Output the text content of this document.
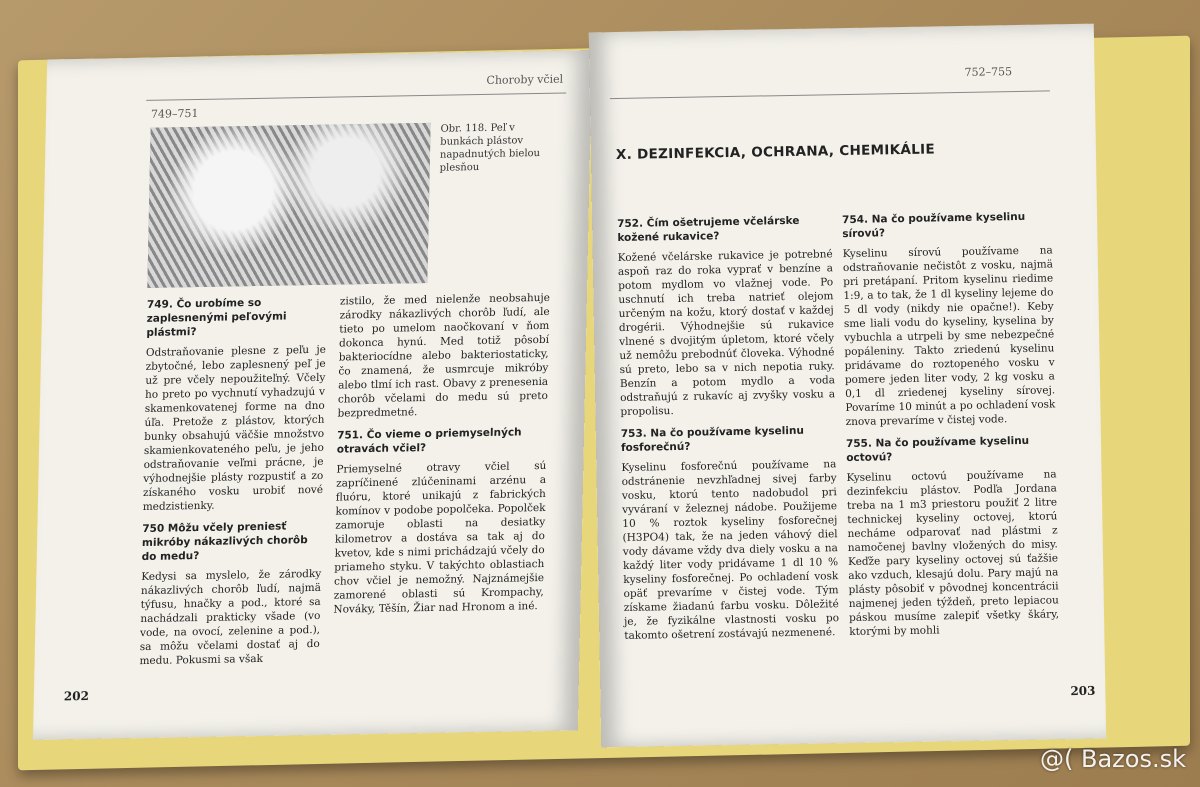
Choroby včiel
749–751
Obr. 118. Peľ v bunkách plástov napadnutých bielou plesňou

749. Čo urobíme so zaplesnenými peľovými plástmi?

Odstraňovanie plesne z peľu je zbytočné, lebo zaplesnený peľ je už pre včely nepoužiteľný. Včely ho preto po vychnutí vyhadzujú v skamenkovatenej forme na dno úľa. Pretože z plástov, ktorých bunky obsahujú väčšie množstvo skamienkovateného peľu, je jeho odstraňovanie veľmi prácne, je výhodnejšie plásty rozpustiť a zo získaného vosku urobiť nové medzistienky.

750 Môžu včely preniesť mikróby nákazlivých chorôb do medu?

Kedysi sa myslelo, že zárodky nákazlivých chorôb ľudí, najmä týfusu, hnačky a pod., ktoré sa nachádzali prakticky všade (vo vode, na ovocí, zelenine a pod.), sa môžu včelami dostať aj do medu. Pokusmi sa však

zistilo, že med nielenže neobsahuje zárodky nákazlivých chorôb ľudí, ale tieto po umelom naočkovaní v ňom dokonca hynú. Med totiž pôsobí bakteriocídne alebo bakteriostaticky, čo znamená, že usmrcuje mikróby alebo tlmí ich rast. Obavy z prenesenia chorôb včelami do medu sú preto bezpredmetné.

751. Čo vieme o priemyselných otravách včiel?

Priemyselné otravy včiel sú zapríčinené zlúčeninami arzénu a fluóru, ktoré unikajú z fabrických komínov v podobe popolčeka. Popolček zamoruje oblasti na desiatky kilometrov a dostáva sa tak aj do kvetov, kde s nimi prichádzajú včely do priameho styku. V takýchto oblastiach chov včiel je nemožný. Najznámejšie zamorené oblasti sú Krompachy, Nováky, Těšín, Žiar nad Hronom a iné.

202
752–755
X. DEZINFEKCIA, OCHRANA, CHEMIKÁLIE

752. Čím ošetrujeme včelárske kožené rukavice?

Kožené včelárske rukavice je potrebné aspoň raz do roka vyprať v benzíne a potom mydlom vo vlažnej vode. Po uschnutí ich treba natrieť olejom určeným na kožu, ktorý dostať v každej drogérii. Výhodnejšie sú rukavice vlnené s dvojitým úpletom, ktoré včely už nemôžu prebodnúť človeka. Výhodné sú preto, lebo sa v nich nepotia ruky. Benzín a potom mydlo a voda odstraňujú z rukavíc aj zvyšky vosku a propolisu.

753. Na čo používame kyselinu fosforečnú?

Kyselinu fosforečnú používame na odstránenie nevzhľadnej sivej farby vosku, ktorú tento nadobudol pri vyváraní v železnej nádobe. Použijeme 10 % roztok kyseliny fosforečnej (H3PO4) tak, že na jeden váhový diel vody dávame vždy dva diely vosku a na každý liter vody pridávame 1 dl 10 % kyseliny fosforečnej. Po ochladení vosk opäť prevaríme v čistej vode. Tým získame žiadanú farbu vosku. Dôležité je, že fyzikálne vlastnosti vosku po takomto ošetrení zostávajú nezmenené.

754. Na čo používame kyselinu sírovú?

Kyselinu sírovú používame na odstraňovanie nečistôt z vosku, najmä pri pretápaní. Pritom kyselinu riedime 1:9, a to tak, že 1 dl kyseliny lejeme do 5 dl vody (nikdy nie opačne!). Keby sme liali vodu do kyseliny, kyselina by vybuchla a utrpeli by sme nebezpečné popáleniny. Takto zriedenú kyselinu pridávame do roztopeného vosku v pomere jeden liter vody, 2 kg vosku a 0,1 dl zriedenej kyseliny sírovej. Povaríme 10 minút a po ochladení vosk znova prevaríme v čistej vode.

755. Na čo používame kyselinu octovú?

Kyselinu octovú používame na dezinfekciu plástov. Podľa Jordana treba na 1 m3 priestoru použiť 2 litre technickej kyseliny octovej, ktorú necháme odparovať nad plástmi z namočenej bavlny vložených do misy. Keďže pary kyseliny octovej sú ťažšie ako vzduch, klesajú dolu. Pary majú na plásty pôsobiť v pôvodnej koncentrácii najmenej jeden týždeň, preto lepiacou páskou musíme zalepiť všetky škáry, ktorými by mohli

203
@( Bazos.sk
